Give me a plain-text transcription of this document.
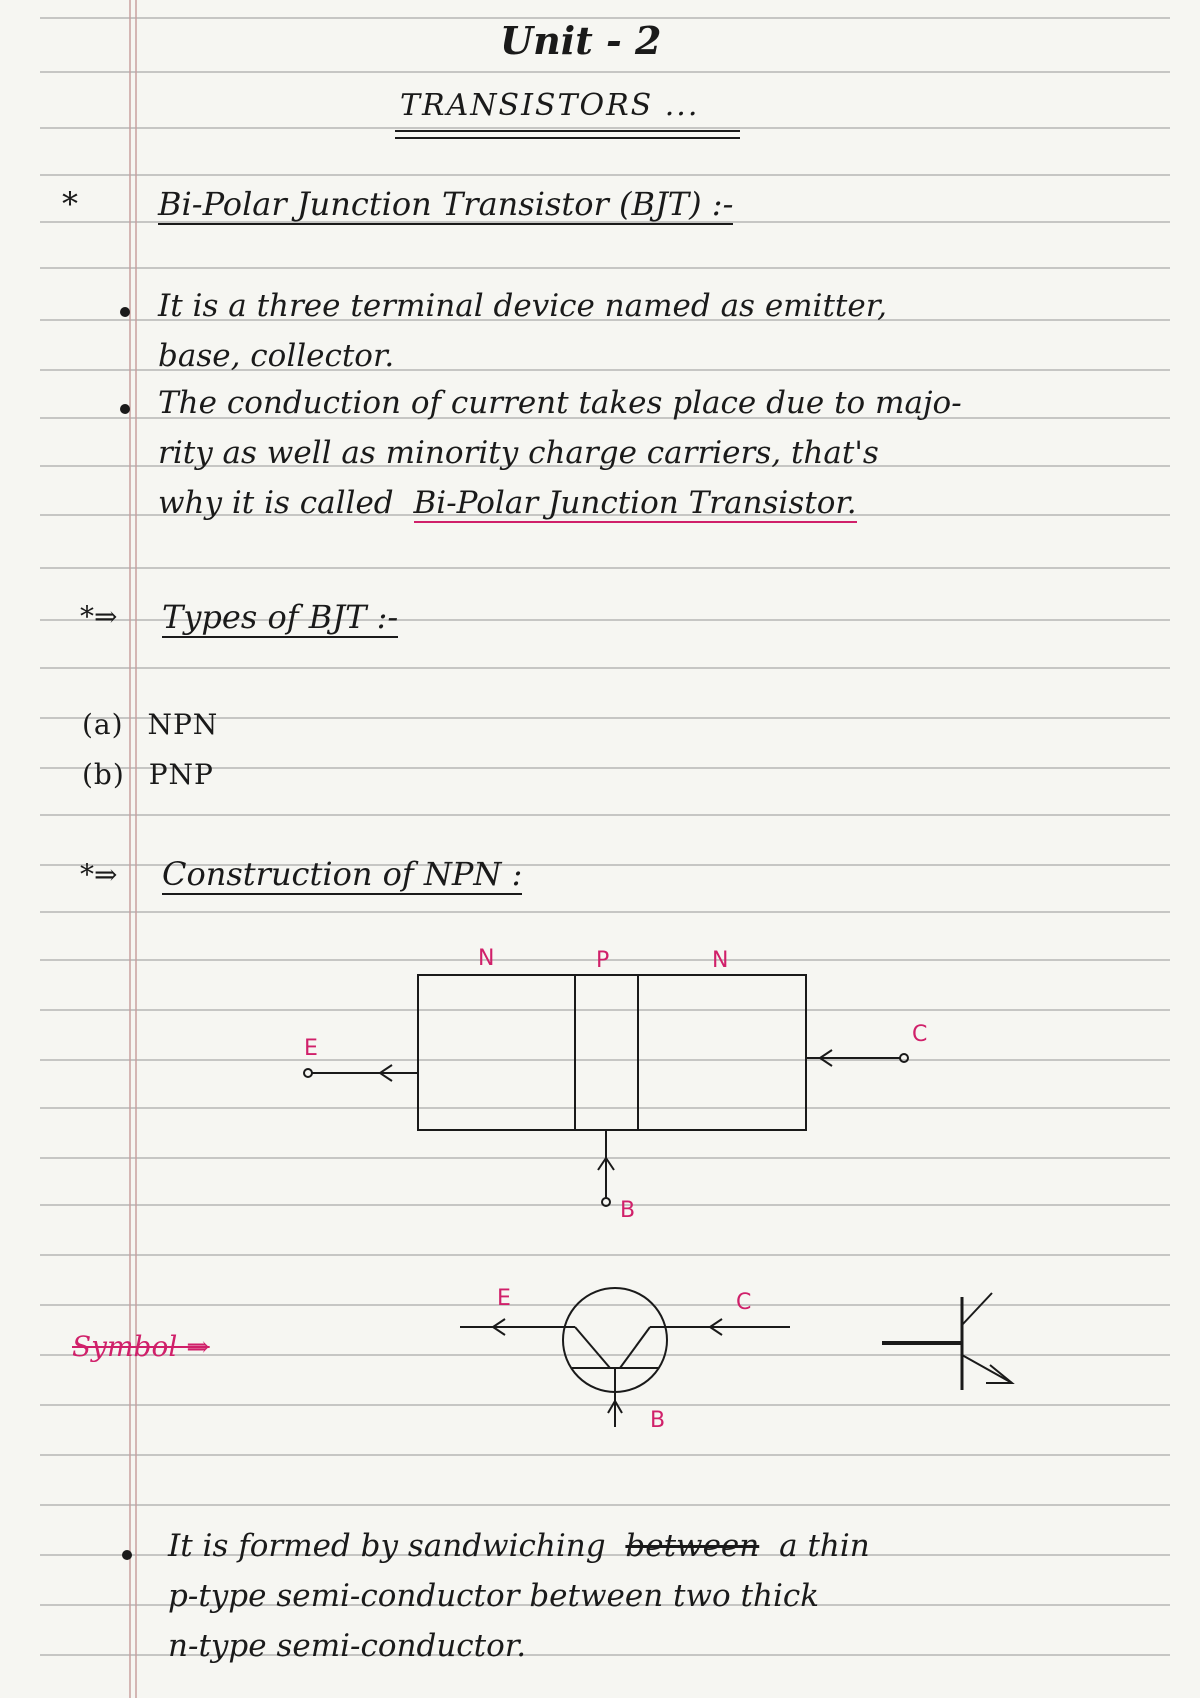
Unit - 2
TRANSISTORS ...
*	Bi-Polar Junction Transistor (BJT) :-
It is a three terminal device named as emitter,
base, collector.
The conduction of current takes place due to majo-
rity as well as minority charge carriers, that's
why it is called Bi-Polar Junction Transistor.
*⇒ Types of BJT :-
(a) NPN
(b) PNP
*⇒ Construction of NPN :
N	P	N
E
C
B
Symbol ⇒
E	C
B
It is formed by sandwiching between a thin
p-type semi-conductor between two thick
n-type semi-conductor.
